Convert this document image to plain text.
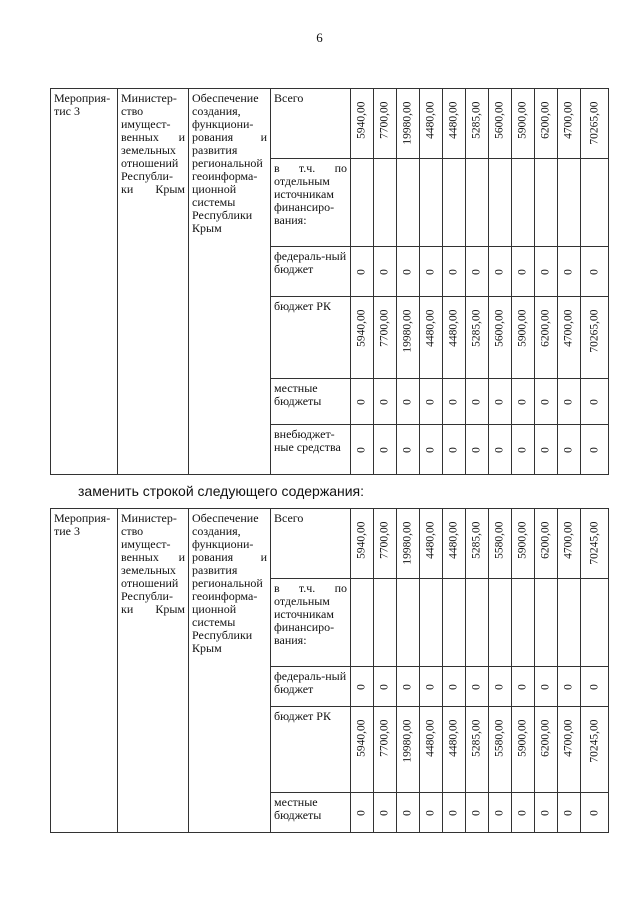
6
Мероприя-тис 3	Министер-ство имущест-венных и земельных отношений Республи-ки Крым	Обеспечение создания, функциони-рования и развития региональной геоинформа-ционной системы Республики Крым	Всего	5940,00	7700,00	19980,00	4480,00	4480,00	5285,00	5600,00	5900,00	6200,00	4700,00	70265,00

			в т.ч. по отдельным источникам финансиро-вания:											

			федераль-ный бюджет	0	0	0	0	0	0	0	0	0	0	0

			бюджет РК	5940,00	7700,00	19980,00	4480,00	4480,00	5285,00	5600,00	5900,00	6200,00	4700,00	70265,00

			местные бюджеты	0	0	0	0	0	0	0	0	0	0	0

			внебюджет-ные средства	0	0	0	0	0	0	0	0	0	0	0
заменить строкой следующего содержания:
Мероприя-тие 3	Министер-ство имущест-венных и земельных отношений Республи-ки Крым	Обеспечение создания, функциони-рования и развития региональной геоинформа-ционной системы Республики Крым	Всего	5940,00	7700,00	19980,00	4480,00	4480,00	5285,00	5580,00	5900,00	6200,00	4700,00	70245,00

			в т.ч. по отдельным источникам финансиро-вания:											

			федераль-ный бюджет	0	0	0	0	0	0	0	0	0	0	0

			бюджет РК	5940,00	7700,00	19980,00	4480,00	4480,00	5285,00	5580,00	5900,00	6200,00	4700,00	70245,00

			местные бюджеты	0	0	0	0	0	0	0	0	0	0	0
